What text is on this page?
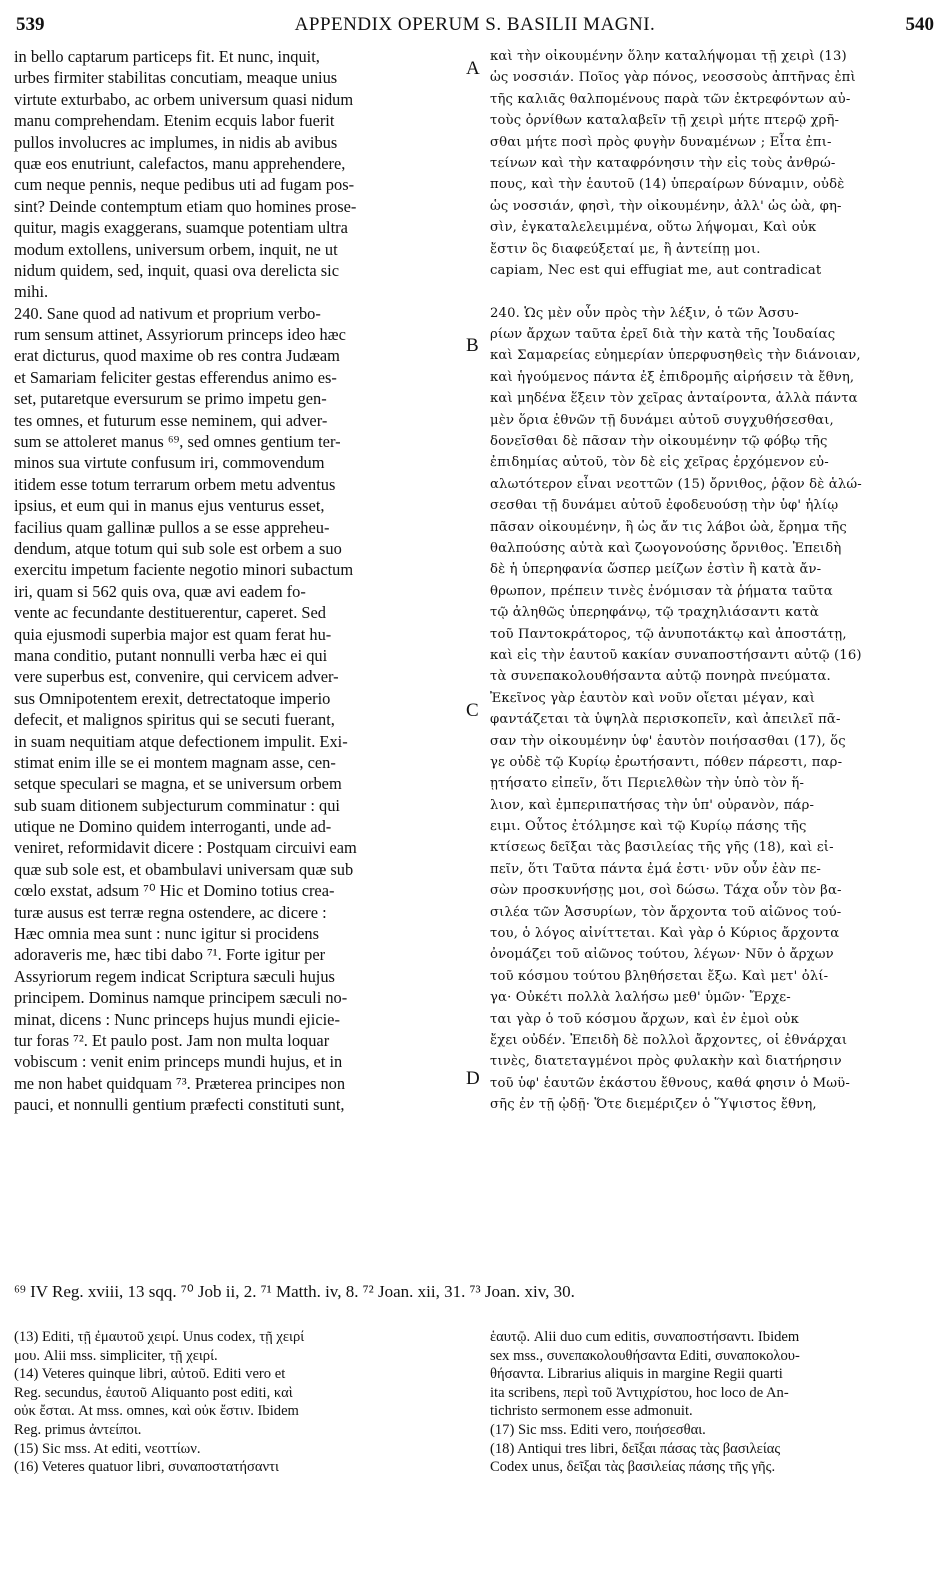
539	APPENDIX OPERUM S. BASILII MAGNI.	540
in bello captarum particeps fit. Et nunc, inquit,
urbes firmiter stabilitas concutiam, meaque unius
virtute exturbabo, ac orbem universum quasi nidum
manu comprehendam. Etenim ecquis labor fuerit
pullos involucres ac implumes, in nidis ab avibus
quæ eos enutriunt, calefactos, manu apprehendere,
cum neque pennis, neque pedibus uti ad fugam pos-
sint? Deinde contemptum etiam quo homines prose-
quitur, magis exaggerans, suamque potentiam ultra
modum extollens, universum orbem, inquit, ne ut
nidum quidem, sed, inquit, quasi ova derelicta sic
mihi.
240. Sane quod ad nativum et proprium verbo-
rum sensum attinet, Assyriorum princeps ideo hæc
erat dicturus, quod maxime ob res contra Judæam
et Samariam feliciter gestas efferendus animo es-
set, putaretque eversurum se primo impetu gen-
tes omnes, et futurum esse neminem, qui adver-
sum se attoleret manus ⁶⁹, sed omnes gentium ter-
minos sua virtute confusum iri, commovendum
itidem esse totum terrarum orbem metu adventus
ipsius, et eum qui in manus ejus venturus esset,
facilius quam gallinæ pullos a se esse appreheu-
dendum, atque totum qui sub sole est orbem a suo
exercitu impetum faciente negotio minori subactum
iri, quam si 562 quis ova, quæ avi eadem fo-
vente ac fecundante destituerentur, caperet. Sed
quia ejusmodi superbia major est quam ferat hu-
mana conditio, putant nonnulli verba hæc ei qui
vere superbus est, convenire, qui cervicem adver-
sus Omnipotentem erexit, detrectatoque imperio
defecit, et malignos spiritus qui se secuti fuerant,
in suam nequitiam atque defectionem impulit. Exi-
stimat enim ille se ei montem magnam asse, cen-
setque speculari se magna, et se universum orbem
sub suam ditionem subjecturum comminatur : qui
utique ne Domino quidem interroganti, unde ad-
veniret, reformidavit dicere : Postquam circuivi eam
quæ sub sole est, et obambulavi universam quæ sub
cœlo exstat, adsum ⁷⁰ Hic et Domino totius crea-
turæ ausus est terræ regna ostendere, ac dicere :
Hæc omnia mea sunt : nunc igitur si procidens
adoraveris me, hæc tibi dabo ⁷¹. Forte igitur per
Assyriorum regem indicat Scriptura sæculi hujus
principem. Dominus namque principem sæculi no-
minat, dicens : Nunc princeps hujus mundi ejicie-
tur foras ⁷². Et paulo post. Jam non multa loquar
vobiscum : venit enim princeps mundi hujus, et in
me non habet quidquam ⁷³. Præterea principes non
pauci, et nonnulli gentium præfecti constituti sunt,
καὶ τὴν οἰκουμένην ὅλην καταλήψομαι τῇ χειρὶ (13)
ὡς νοσσιάν. Ποῖος γὰρ πόνος, νεοσσοὺς ἀπτῆνας ἐπὶ
τῆς καλιᾶς θαλπομένους παρὰ τῶν ἐκτρεφόντων αὐ-
τοὺς ὀρνίθων καταλαβεῖν τῇ χειρὶ μήτε πτερῷ χρῆ-
σθαι μήτε ποσὶ πρὸς φυγὴν δυναμένων ; Εἶτα ἐπι-
τείνων καὶ τὴν καταφρόνησιν τὴν εἰς τοὺς ἀνθρώ-
πους, καὶ τὴν ἑαυτοῦ (14) ὑπεραίρων δύναμιν, οὐδὲ
ὡς νοσσιάν, φησὶ, τὴν οἰκουμένην, ἀλλ' ὡς ὠὰ, φη-
σὶν, ἐγκαταλελειμμένα, οὕτω λήψομαι, Καὶ οὐκ
ἔστιν ὃς διαφεύξεταί με, ἢ ἀντείπῃ μοι.
capiam, Nec est qui effugiat me, aut contradicat
240. Ὡς μὲν οὖν πρὸς τὴν λέξιν, ὁ τῶν Ἀσσυ-
ρίων ἄρχων ταῦτα ἐρεῖ διὰ τὴν κατὰ τῆς Ἰουδαίας
καὶ Σαμαρείας εὐημερίαν ὑπερφυσηθεὶς τὴν διάνοιαν,
καὶ ἡγούμενος πάντα ἐξ ἐπιδρομῆς αἱρήσειν τὰ ἔθνη,
καὶ μηδένα ἕξειν τὸν χεῖρας ἀνταίροντα, ἀλλὰ πάντα
μὲν ὅρια ἐθνῶν τῇ δυνάμει αὐτοῦ συγχυθήσεσθαι,
δονεῖσθαι δὲ πᾶσαν τὴν οἰκουμένην τῷ φόβῳ τῆς
ἐπιδημίας αὐτοῦ, τὸν δὲ εἰς χεῖρας ἐρχόμενον εὐ-
αλωτότερον εἶναι νεοττῶν (15) ὄρνιθος, ῥᾷον δὲ ἁλώ-
σεσθαι τῇ δυνάμει αὐτοῦ ἐφοδευούσῃ τὴν ὑφ' ἡλίῳ
πᾶσαν οἰκουμένην, ἢ ὡς ἄν τις λάβοι ὠὰ, ἔρημα τῆς
θαλπούσης αὐτὰ καὶ ζωογονούσης ὄρνιθος. Ἐπειδὴ
δὲ ἡ ὑπερηφανία ὥσπερ μείζων ἐστὶν ἢ κατὰ ἄν-
θρωπον, πρέπειν τινὲς ἐνόμισαν τὰ ῥήματα ταῦτα
τῷ ἀληθῶς ὑπερηφάνῳ, τῷ τραχηλιάσαντι κατὰ
τοῦ Παντοκράτορος, τῷ ἀνυποτάκτῳ καὶ ἀποστάτῃ,
καὶ εἰς τὴν ἑαυτοῦ κακίαν συναποστήσαντι αὐτῷ (16)
τὰ συνεπακολουθήσαντα αὐτῷ πονηρὰ πνεύματα.
Ἐκεῖνος γὰρ ἑαυτὸν καὶ νοῦν οἴεται μέγαν, καὶ
φαντάζεται τὰ ὑψηλὰ περισκοπεῖν, καὶ ἀπειλεῖ πᾶ-
σαν τὴν οἰκουμένην ὑφ' ἑαυτὸν ποιήσασθαι (17), ὅς
γε οὐδὲ τῷ Κυρίῳ ἐρωτήσαντι, πόθεν πάρεστι, παρ-
ῃτήσατο εἰπεῖν, ὅτι Περιελθὼν τὴν ὑπὸ τὸν ἥ-
λιον, καὶ ἐμπεριπατήσας τὴν ὑπ' οὐρανὸν, πάρ-
ειμι. Οὗτος ἐτόλμησε καὶ τῷ Κυρίῳ πάσης τῆς
κτίσεως δεῖξαι τὰς βασιλείας τῆς γῆς (18), καὶ εἰ-
πεῖν, ὅτι Ταῦτα πάντα ἐμά ἐστι· νῦν οὖν ἐὰν πε-
σὼν προσκυνήσῃς μοι, σοὶ δώσω. Τάχα οὖν τὸν βα-
σιλέα τῶν Ἀσσυρίων, τὸν ἄρχοντα τοῦ αἰῶνος τού-
του, ὁ λόγος αἰνίττεται. Καὶ γὰρ ὁ Κύριος ἄρχοντα
ὀνομάζει τοῦ αἰῶνος τούτου, λέγων· Νῦν ὁ ἄρχων
τοῦ κόσμου τούτου βληθήσεται ἔξω. Καὶ μετ' ὀλί-
γα· Οὐκέτι πολλὰ λαλήσω μεθ' ὑμῶν· Ἔρχε-
ται γὰρ ὁ τοῦ κόσμου ἄρχων, καὶ ἐν ἐμοὶ οὐκ
ἔχει οὐδέν. Ἐπειδὴ δὲ πολλοὶ ἄρχοντες, οἱ ἐθνάρχαι
τινὲς, διατεταγμένοι πρὸς φυλακὴν καὶ διατήρησιν
τοῦ ὑφ' ἑαυτῶν ἑκάστου ἔθνους, καθά φησιν ὁ Μωϋ-
σῆς ἐν τῇ ᾠδῇ· Ὅτε διεμέριζεν ὁ Ὕψιστος ἔθνη,
A
B
C
D
⁶⁹ IV Reg. xviii, 13 sqq. ⁷⁰ Job ii, 2. ⁷¹ Matth. iv, 8. ⁷² Joan. xii, 31. ⁷³ Joan. xiv, 30.
(13) Editi, τῇ ἐμαυτοῦ χειρί. Unus codex, τῇ χειρί
μου. Alii mss. simpliciter, τῇ χειρί.
(14) Veteres quinque libri, αὐτοῦ. Editi vero et
Reg. secundus, ἑαυτοῦ Aliquanto post editi, καὶ
οὐκ ἔσται. At mss. omnes, καὶ οὐκ ἔστιν. Ibidem
Reg. primus ἀντείποι.
(15) Sic mss. At editi, νεοττίων.
(16) Veteres quatuor libri, συναποστατήσαντι
ἑαυτῷ. Alii duo cum editis, συναποστήσαντι. Ibidem
sex mss., συνεπακολουθήσαντα Editi, συναποκολου-
θήσαντα. Librarius aliquis in margine Regii quarti
ita scribens, περὶ τοῦ Ἀντιχρίστου, hoc loco de An-
tichristo sermonem esse admonuit.
(17) Sic mss. Editi vero, ποιήσεσθαι.
(18) Antiqui tres libri, δεῖξαι πάσας τὰς βασιλείας
Codex unus, δεῖξαι τὰς βασιλείας πάσης τῆς γῆς.
